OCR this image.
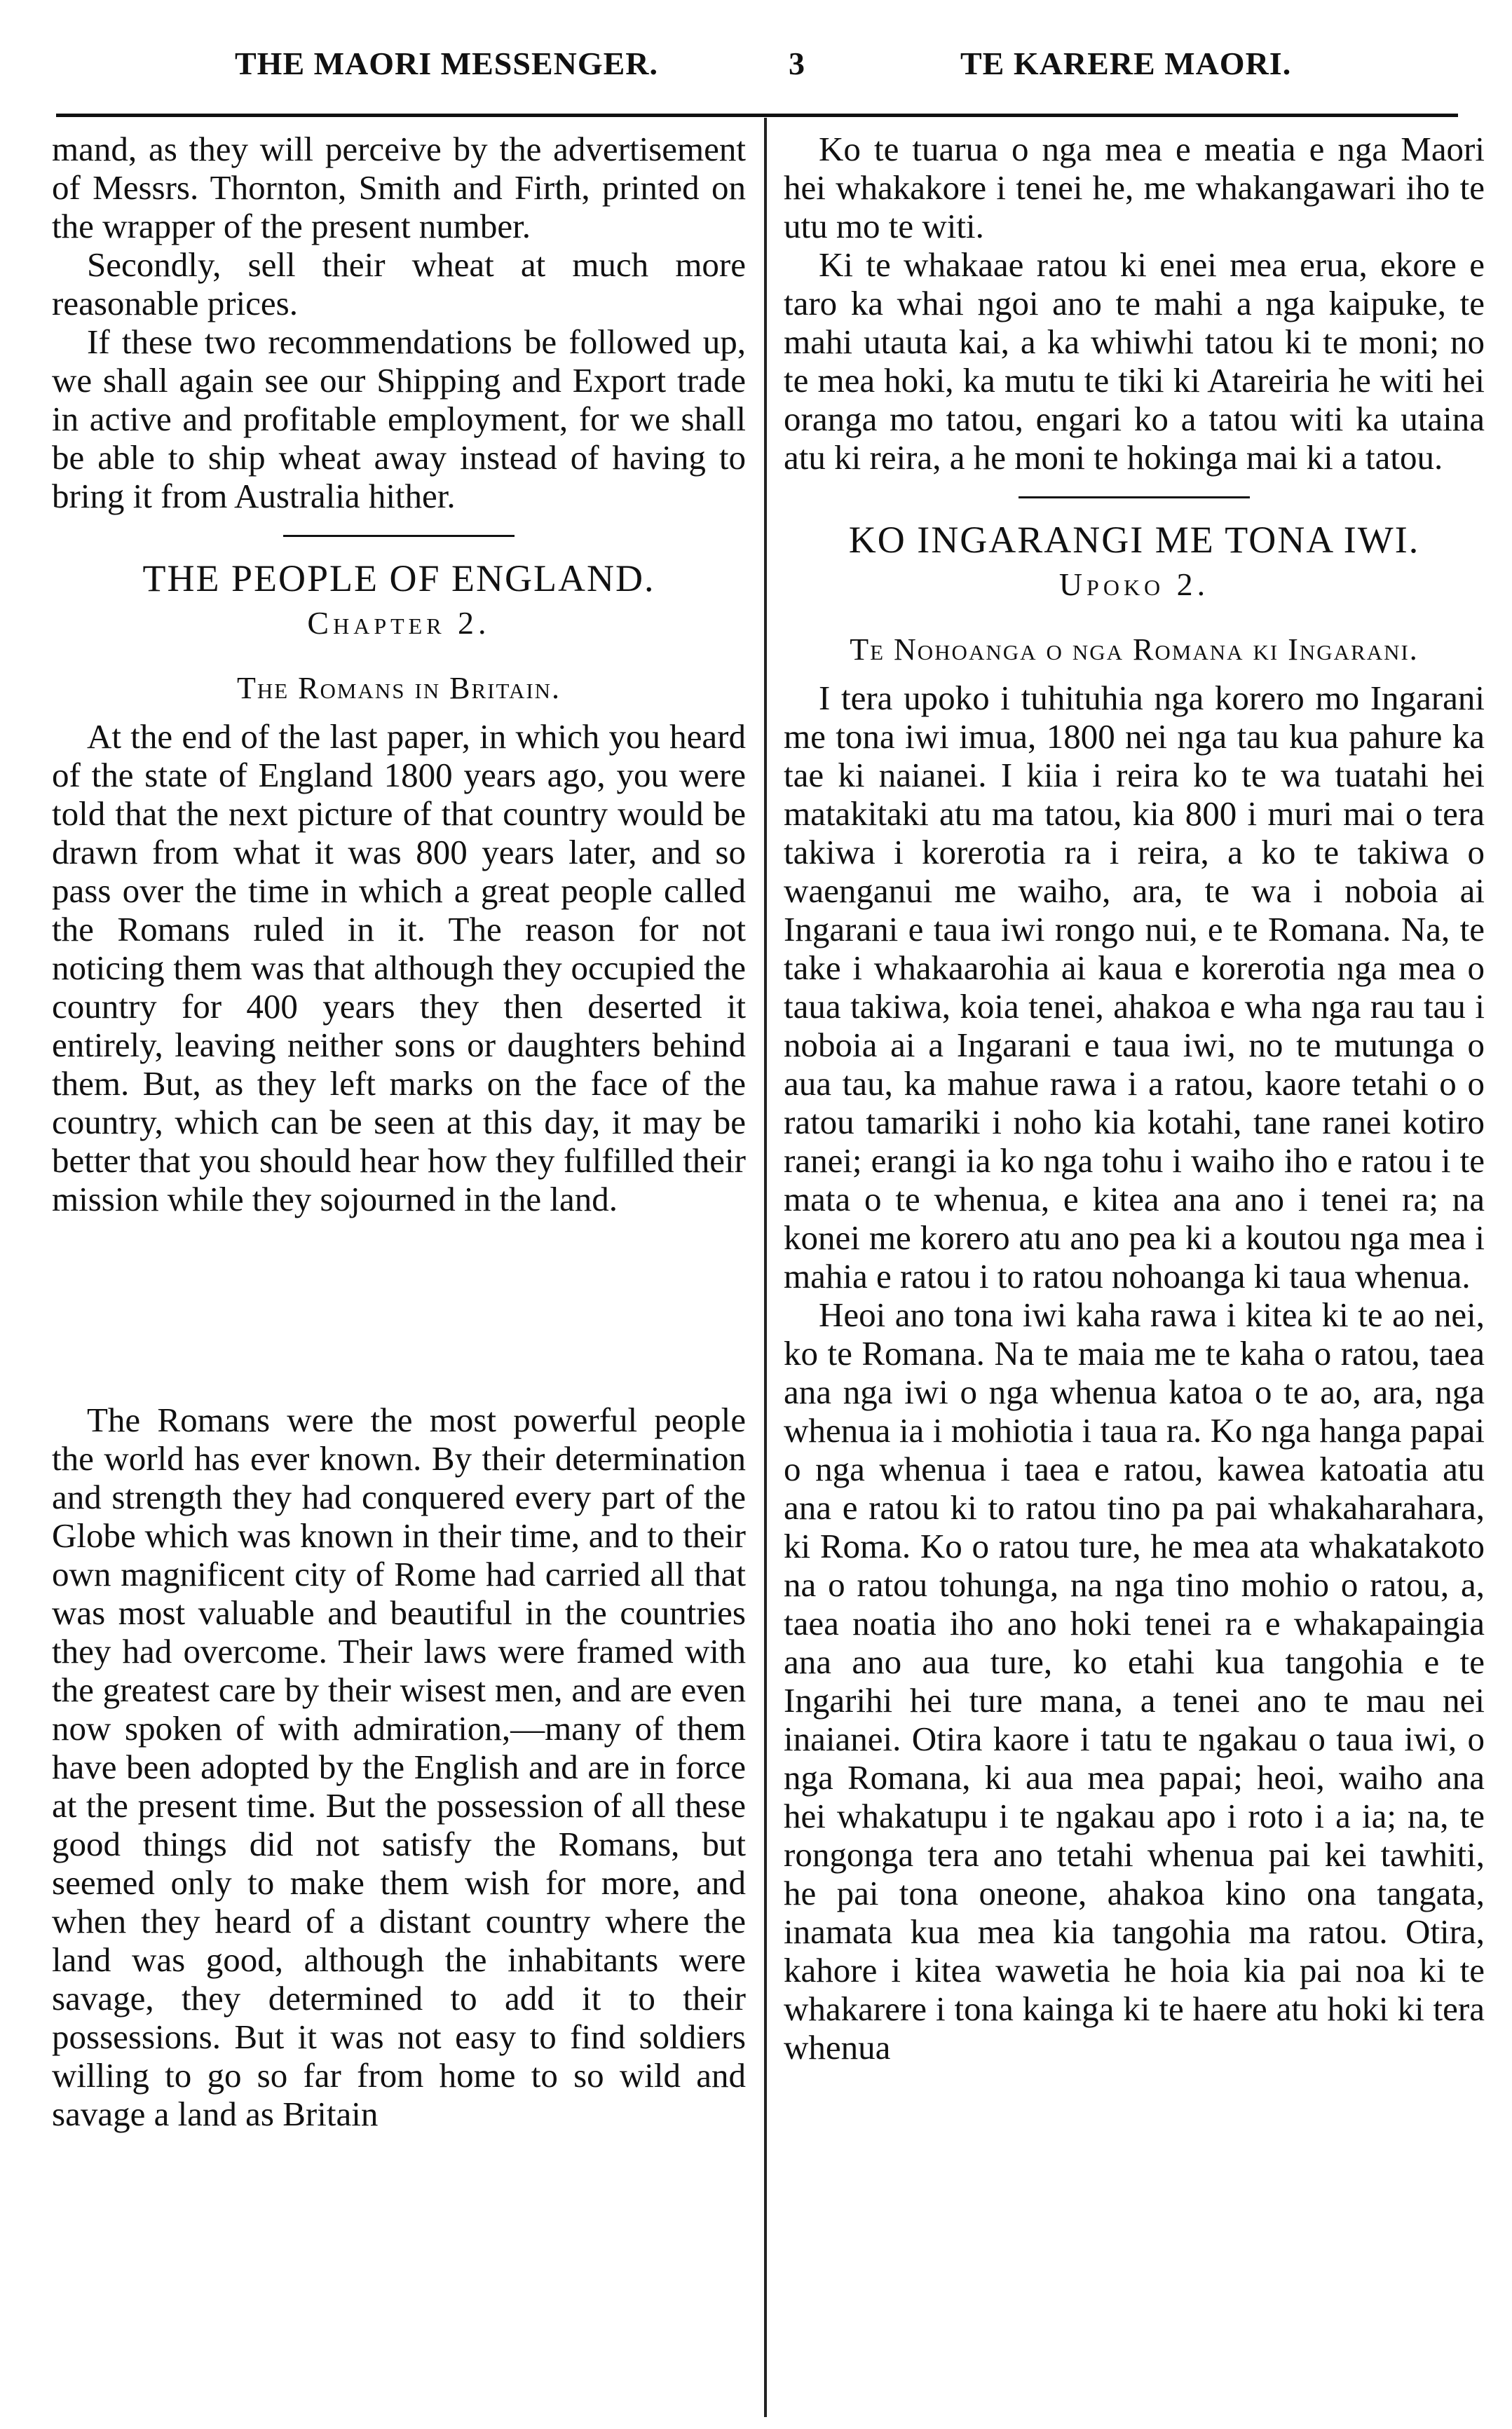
THE MAORI MESSENGER.	3	TE KARERE MAORI.

mand, as they will perceive by the advertisement of Messrs. Thornton, Smith and Firth, printed on the wrapper of the present number.

Secondly, sell their wheat at much more reasonable prices.

If these two recommendations be followed up, we shall again see our Shipping and Export trade in active and profitable employment, for we shall be able to ship wheat away instead of having to bring it from Australia hither.

THE PEOPLE OF ENGLAND.
Chapter 2.
The Romans in Britain.

At the end of the last paper, in which you heard of the state of England 1800 years ago, you were told that the next picture of that country would be drawn from what it was 800 years later, and so pass over the time in which a great people called the Romans ruled in it. The reason for not noticing them was that although they occupied the country for 400 years they then deserted it entirely, leaving neither sons or daughters behind them. But, as they left marks on the face of the country, which can be seen at this day, it may be better that you should hear how they fulfilled their mission while they sojourned in the land.

The Romans were the most powerful people the world has ever known. By their determination and strength they had conquered every part of the Globe which was known in their time, and to their own magnificent city of Rome had carried all that was most valuable and beautiful in the countries they had overcome. Their laws were framed with the greatest care by their wisest men, and are even now spoken of with admiration,—many of them have been adopted by the English and are in force at the present time. But the possession of all these good things did not satisfy the Romans, but seemed only to make them wish for more, and when they heard of a distant country where the land was good, although the inhabitants were savage, they determined to add it to their possessions. But it was not easy to find soldiers willing to go so far from home to so wild and savage a land as Britain

Ko te tuarua o nga mea e meatia e nga Maori hei whakakore i tenei he, me whakangawari iho te utu mo te witi.

Ki te whakaae ratou ki enei mea erua, ekore e taro ka whai ngoi ano te mahi a nga kaipuke, te mahi utauta kai, a ka whiwhi tatou ki te moni; no te mea hoki, ka mutu te tiki ki Atareiria he witi hei oranga mo tatou, engari ko a tatou witi ka utaina atu ki reira, a he moni te hokinga mai ki a tatou.

KO INGARANGI ME TONA IWI.
Upoko 2.
Te Nohoanga o nga Romana ki Ingarani.

I tera upoko i tuhituhia nga korero mo Ingarani me tona iwi imua, 1800 nei nga tau kua pahure ka tae ki naianei. I kiia i reira ko te wa tuatahi hei matakitaki atu ma tatou, kia 800 i muri mai o tera takiwa i korerotia ra i reira, a ko te takiwa o waenganui me waiho, ara, te wa i noboia ai Ingarani e taua iwi rongo nui, e te Romana. Na, te take i whakaarohia ai kaua e korerotia nga mea o taua takiwa, koia tenei, ahakoa e wha nga rau tau i noboia ai a Ingarani e taua iwi, no te mutunga o aua tau, ka mahue rawa i a ratou, kaore tetahi o o ratou tamariki i noho kia kotahi, tane ranei kotiro ranei; erangi ia ko nga tohu i waiho iho e ratou i te mata o te whenua, e kitea ana ano i tenei ra; na konei me korero atu ano pea ki a koutou nga mea i mahia e ratou i to ratou nohoanga ki taua whenua.

Heoi ano tona iwi kaha rawa i kitea ki te ao nei, ko te Romana. Na te maia me te kaha o ratou, taea ana nga iwi o nga whenua katoa o te ao, ara, nga whenua ia i mohiotia i taua ra. Ko nga hanga papai o nga whenua i taea e ratou, kawea katoatia atu ana e ratou ki to ratou tino pa pai whakaharahara, ki Roma. Ko o ratou ture, he mea ata whakatakoto na o ratou tohunga, na nga tino mohio o ratou, a, taea noatia iho ano hoki tenei ra e whakapaingia ana ano aua ture, ko etahi kua tangohia e te Ingarihi hei ture mana, a tenei ano te mau nei inaianei. Otira kaore i tatu te ngakau o taua iwi, o nga Romana, ki aua mea papai; heoi, waiho ana hei whakatupu i te ngakau apo i roto i a ia; na, te rongonga tera ano tetahi whenua pai kei tawhiti, he pai tona oneone, ahakoa kino ona tangata, inamata kua mea kia tangohia ma ratou. Otira, kahore i kitea wawetia he hoia kia pai noa ki te whakarere i tona kainga ki te haere atu hoki ki tera whenua
